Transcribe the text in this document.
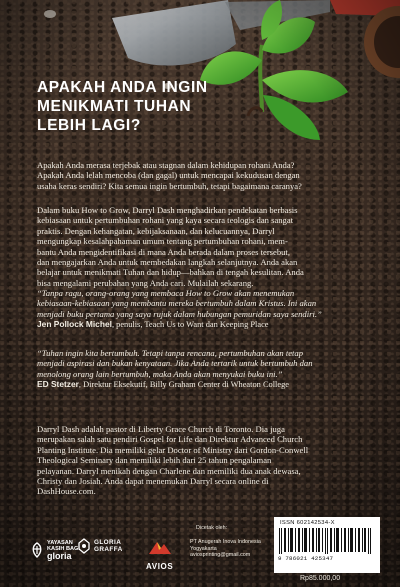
APAKAH ANDA INGIN
MENIKMATI TUHAN
LEBIH LAGI?
Apakah Anda merasa terjebak atau stagnan dalam kehidupan rohani Anda?
Apakah Anda lelah mencoba (dan gagal) untuk mencapai kekudusan dengan
usaha keras sendiri? Kita semua ingin bertumbuh, tetapi bagaimana caranya?
Dalam buku How to Grow, Darryl Dash menghadirkan pendekatan berbasis
kebiasaan untuk pertumbuhan rohani yang kaya secara teologis dan sangat
praktis. Dengan kehangatan, kebijaksanaan, dan kelucuannya, Darryl
mengungkap kesalahpahaman umum tentang pertumbuhan rohani, mem-
bantu Anda mengidentifikasi di mana Anda berada dalam proses tersebut,
dan mengajarkan Anda untuk membedakan langkah selanjutnya. Anda akan
belajar untuk menikmati Tuhan dan hidup—bahkan di tengah kesulitan. Anda
bisa mengalami perubahan yang Anda cari. Mulailah sekarang.
“Tanpa ragu, orang-orang yang membaca How to Grow akan menemukan
kebiasaan-kebiasaan yang membantu mereka bertumbuh dalam Kristus. Ini akan
menjadi buku pertama yang saya rujuk dalam hubungan pemuridan saya sendiri.”
Jen Pollock Michel, penulis, Teach Us to Want dan Keeping Place
“Tuhan ingin kita bertumbuh. Tetapi tanpa rencana, pertumbuhan akan tetap
menjadi aspirasi dan bukan kenyataan. Jika Anda tertarik untuk bertumbuh dan
menolong orang lain bertumbuh, maka Anda akan menyukai buku ini.”
ED Stetzer, Direktur Eksekutif, Billy Graham Center di Wheaton College
Darryl Dash adalah pastor di Liberty Grace Church di Toronto. Dia juga
merupakan salah satu pendiri Gospel for Life dan Direktur Advanced Church
Planting Institute. Dia memiliki gelar Doctor of Ministry dari Gordon-Conwell
Theological Seminary dan memiliki lebih dari 25 tahun pengalaman
pelayanan. Darryl menikah dengan Charlene dan memiliki dua anak dewasa,
Christy dan Josiah. Anda dapat menemukan Darryl secara online di
DashHouse.com.
YAYASAN
KASIH BAGI
gloria
GLORIA
GRAFFA
Dicetak oleh:
AVIOS
PT Anugerah Inova Indonesia
Yogyakarta
aviosprinting@gmail.com
ISSN 602142534-X
9 786021 425347
Rp85.000,00
